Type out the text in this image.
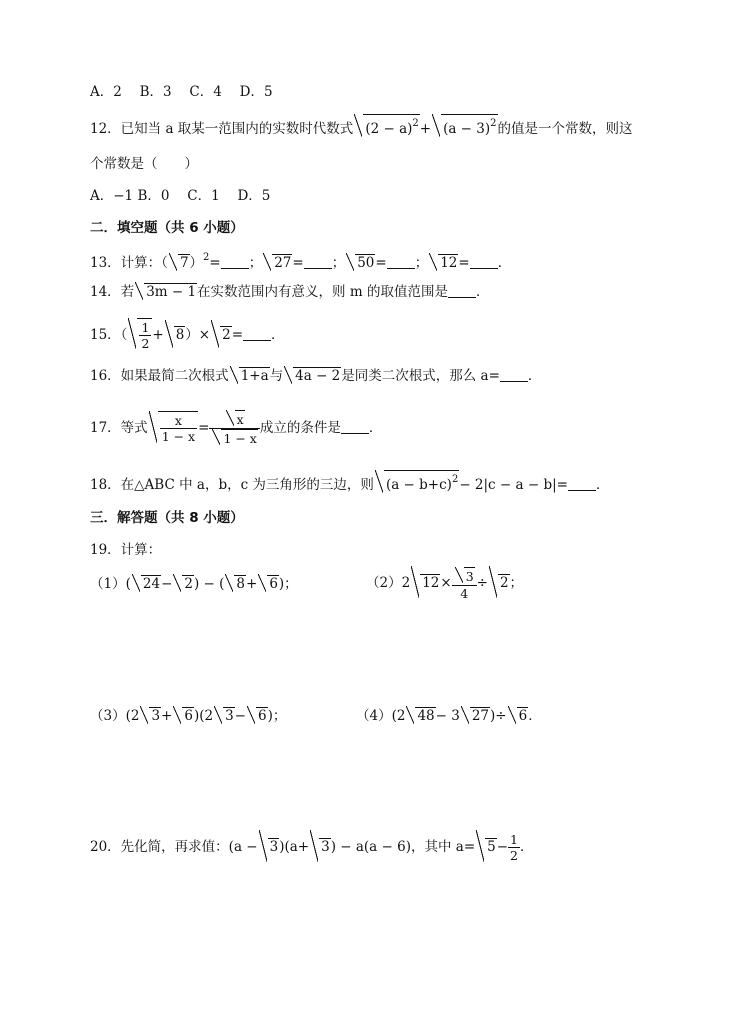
A．2　 B．3　 C．4　 D．5
12．已知当 a 取某一范围内的实数时代数式 $(2 - a)^2+ (a - 3)^2$的值是一个常数，则这
个常数是（　　）
A．−1 B．0　 C．1　 D．5
二．填空题（共 6 小题）
13．计算：（ 7）$^2$= ； 27= ； 50= ； 12= ．
14．若 3m − 1在实数范围内有意义，则 m 的取值范围是 ．
15．（ $\frac{1}{2} + 8)\times 2=$ ．
16．如果最简二次根式 1+a与 4a − 2是同类二次根式，那么 a= ．
17．等式 $\frac{x}{1 - x} = \frac{x}{1 - x}$ 成立的条件是 ．
18．在△ABC 中 a，b，c 为三角形的三边，则 $(a - b+c)^2- 2|c - a - b|=$ ．
三．解答题（共 8 小题）
19．计算：
（1）( 24− 2) − ( 8+ 6)；	（2）2 $12\times \frac{3}{4} \div 2$；
（3）(2 3+ 6)(2 3− 6)；	（4）(2 48− 3 27)÷ 6．
20．先化简，再求值：(a − 3)(a+ 3) − a(a − 6)，其中 $a= 5- \frac{1}{2}$ ．
